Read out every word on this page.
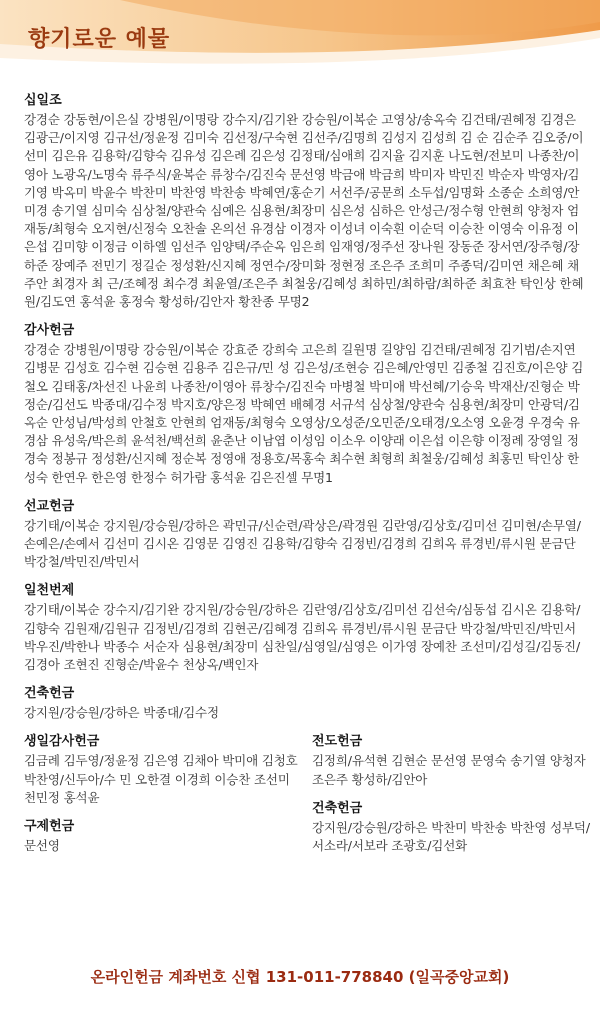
향기로운 예물
십일조
강경순 강동현/이은실 강병원/이명랑 강수지/김기완 강승원/이복순 고영상/송옥숙 김건태/권혜정 김경은 김광근/이지영 김규선/정윤정 김미숙 김선정/구숙현 김선주/김명희 김성지 김성희 김 순 김순주 김오중/이선미 김은유 김용학/김향숙 김유성 김은례 김은성 김정태/심애희 김지율 김지훈 나도현/전보미 나종찬/이영아 노광옥/노명숙 류주식/윤복순 류창수/김진숙 문선영 박금애 박금희 박미자 박민진 박순자 박영자/김기영 박옥미 박윤수 박찬미 박찬영 박찬송 박혜연/홍순기 서선주/공문희 소두섭/임명화 소종순 소희영/안미경 송기열 심미숙 심상철/양관숙 심예은 심용현/최장미 심은성 심하은 안성근/정수형 안현희 양청자 엄재동/최형숙 오지현/신정숙 오찬솔 온의선 유경삼 이경자 이성녀 이숙흰 이순덕 이승찬 이영숙 이유정 이은섭 김미향 이정금 이하엘 임선주 임양택/주순옥 임은희 임재영/정주선 장나원 장동준 장서연/장주형/장하준 장예주 전민기 정길순 정성환/신지혜 정연수/장미화 정현정 조은주 조희미 주종덕/김미연 채은혜 채주안 최경자 최 근/조혜정 최수경 최윤열/조은주 최철웅/김혜성 최하민/최하람/최하준 최효찬 탁인상 한혜원/김도연 홍석윤 홍정숙 황성하/김안자 황찬종 무명2
감사헌금
강경순 강병원/이명랑 강승원/이복순 강효준 강희숙 고은희 길원명 길양임 김건태/권혜정 김기범/손지연 김병문 김성호 김수현 김승현 김용주 김은규/민 성 김은성/조현승 김은혜/안영민 김종철 김진호/이은양 김철오 김태홍/차선진 나윤희 나종찬/이영아 류창수/김진숙 마병철 박미애 박선혜/기승욱 박재산/진형순 박정순/김선도 박종대/김수정 박지호/양은정 박혜연 배혜경 서규석 심상철/양관숙 심용현/최장미 안광덕/김옥순 안성님/박성희 안철호 안현희 엄재동/최형숙 오영상/오성준/오민준/오태경/오소영 오윤경 우경숙 유경삼 유성욱/박은희 윤석천/백선희 윤춘난 이남엽 이성임 이소우 이양래 이은섭 이은향 이정례 장영일 정경숙 정봉규 정성환/신지혜 정순복 정영애 정용호/목홍숙 최수현 최형희 최철웅/김혜성 최홍민 탁인상 한성숙 한연우 한은영 한정수 허가람 홍석윤 김은진셀 무명1
선교헌금
강기태/이복순 강지원/강승원/강하은 곽민규/신순련/곽상은/곽경원 김란영/김상호/김미선 김미현/손무열/손예은/손예서 김선미 김시온 김영문 김영진 김용학/김향숙 김정빈/김경희 김희옥 류경빈/류시원 문금단 박강철/박민진/박민서
일천번제
강기태/이복순 강수지/김기완 강지원/강승원/강하은 김란영/김상호/김미선 김선숙/심동섭 김시온 김용학/김향숙 김원재/김원규 김정빈/김경희 김현곤/김혜경 김희옥 류경빈/류시원 문금단 박강철/박민진/박민서 박우진/박한나 박종수 서순자 심용현/최장미 심찬일/심영일/심영은 이가영 장예찬 조선미/김성길/김동진/김경아 조현진 진형순/박윤수 천상옥/백인자
건축헌금
강지원/강승원/강하은 박종대/김수정
생일감사헌금
김금례 김두영/정윤정 김은영 김채아 박미애 김청호 박찬영/신두아/수 민 오한결 이경희 이승찬 조선미 천민정 홍석윤
구제헌금
문선영
전도헌금
김정희/유석현 김현순 문선영 문영숙 송기열 양청자 조은주 황성하/김안아
건축헌금
강지원/강승원/강하은 박찬미 박찬송 박찬영 성부덕/서소라/서보라 조광호/김선화
온라인헌금 계좌번호 신협 131-011-778840 (일곡중앙교회)
